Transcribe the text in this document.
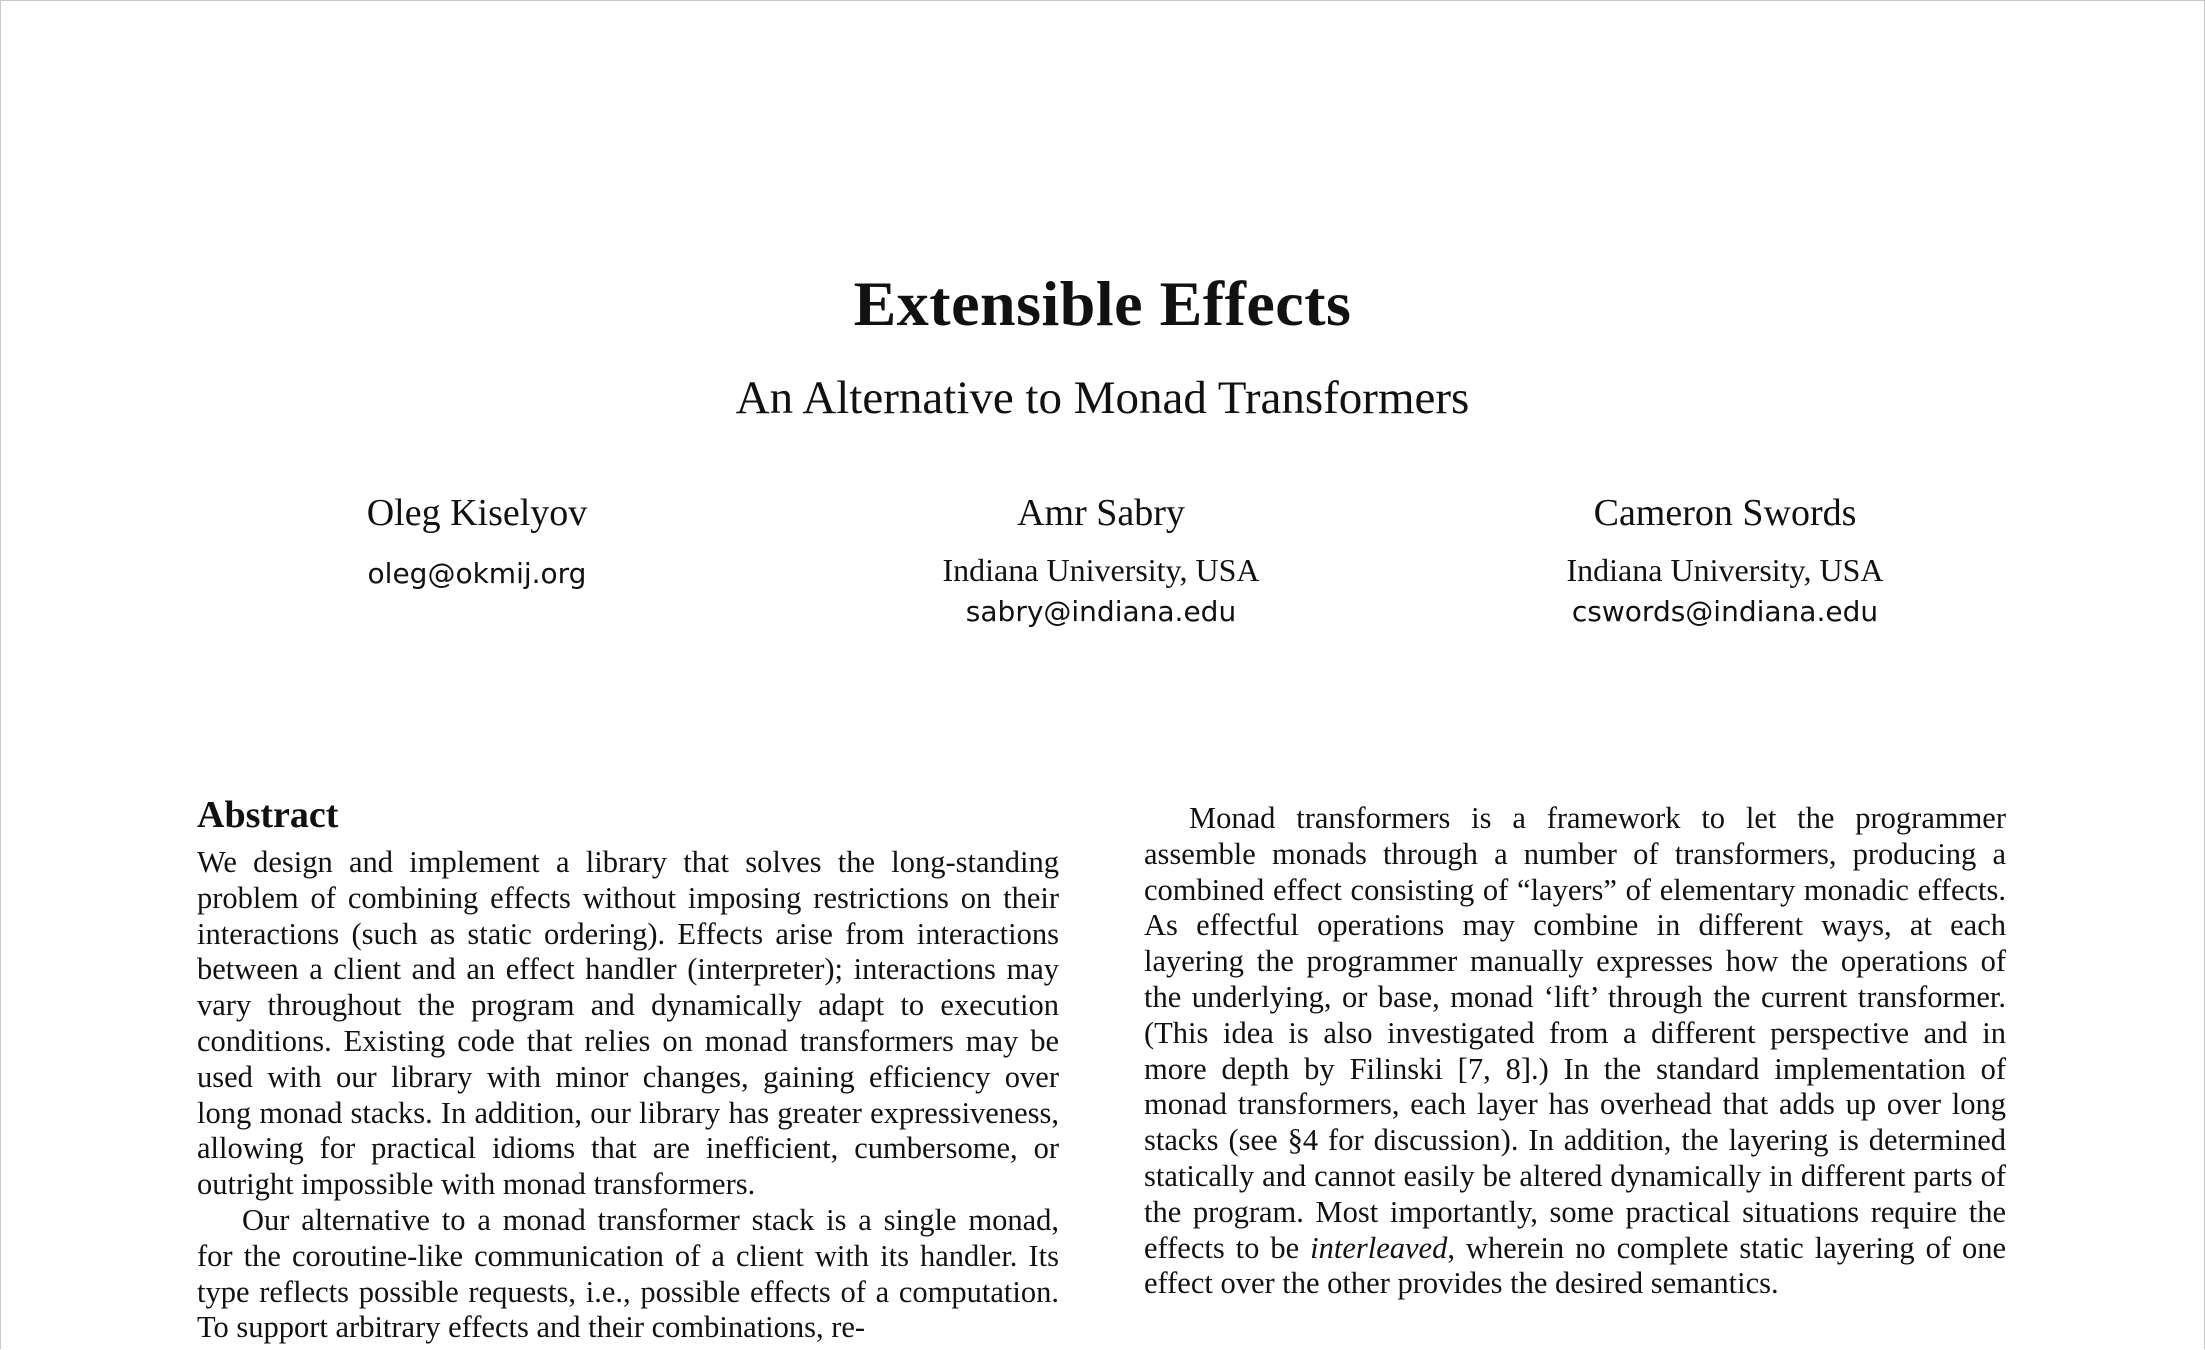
Extensible Effects
An Alternative to Monad Transformers
Oleg Kiselyov
oleg@okmij.org
Amr Sabry
Indiana University, USA
sabry@indiana.edu
Cameron Swords
Indiana University, USA
cswords@indiana.edu
Abstract

We design and implement a library that solves the long-standing problem of combining effects without imposing restrictions on their interactions (such as static ordering). Effects arise from interactions between a client and an effect handler (interpreter); interactions may vary throughout the program and dynamically adapt to execution conditions. Existing code that relies on monad transformers may be used with our library with minor changes, gaining efficiency over long monad stacks. In addition, our library has greater expressiveness, allowing for practical idioms that are inefficient, cumbersome, or outright impossible with monad transformers.

Our alternative to a monad transformer stack is a single monad, for the coroutine-like communication of a client with its handler. Its type reflects possible requests, i.e., possible effects of a computation. To support arbitrary effects and their combinations, re-

Monad transformers is a framework to let the programmer assemble monads through a number of transformers, producing a combined effect consisting of “layers” of elementary monadic effects. As effectful operations may combine in different ways, at each layering the programmer manually expresses how the operations of the underlying, or base, monad ‘lift’ through the current transformer. (This idea is also investigated from a different perspective and in more depth by Filinski [7, 8].) In the standard implementation of monad transformers, each layer has overhead that adds up over long stacks (see §4 for discussion). In addition, the layering is determined statically and cannot easily be altered dynamically in different parts of the program. Most importantly, some practical situations require the effects to be interleaved, wherein no complete static layering of one effect over the other provides the desired semantics.
